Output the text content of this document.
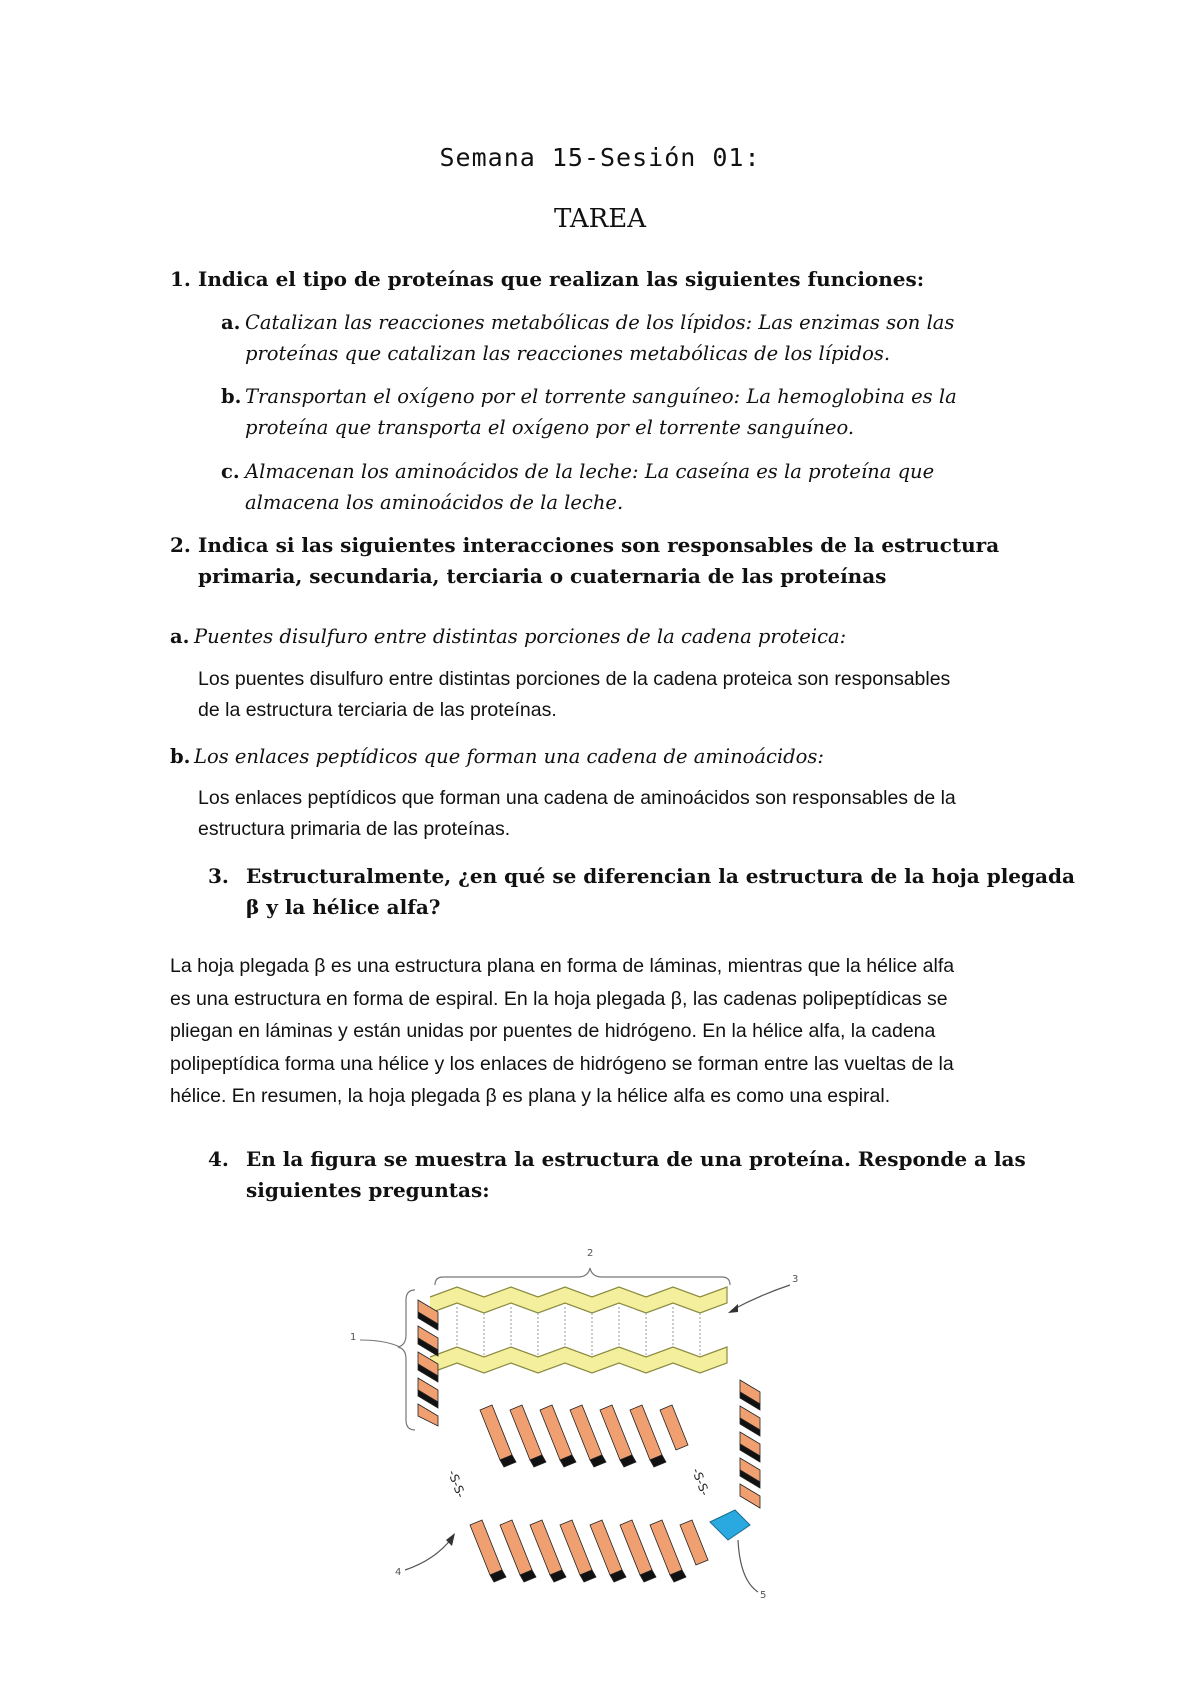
Semana 15-Sesión 01:
TAREA
1. Indica el tipo de proteínas que realizan las siguientes funciones:
a. Catalizan las reacciones metabólicas de los lípidos: Las enzimas son las
proteínas que catalizan las reacciones metabólicas de los lípidos.
b. Transportan el oxígeno por el torrente sanguíneo: La hemoglobina es la
proteína que transporta el oxígeno por el torrente sanguíneo.
c. Almacenan los aminoácidos de la leche: La caseína es la proteína que
almacena los aminoácidos de la leche.
2. Indica si las siguientes interacciones son responsables de la estructura
primaria, secundaria, terciaria o cuaternaria de las proteínas
a. Puentes disulfuro entre distintas porciones de la cadena proteica:
Los puentes disulfuro entre distintas porciones de la cadena proteica son responsables
de la estructura terciaria de las proteínas.
b. Los enlaces peptídicos que forman una cadena de aminoácidos:
Los enlaces peptídicos que forman una cadena de aminoácidos son responsables de la
estructura primaria de las proteínas.
3. Estructuralmente, ¿en qué se diferencian la estructura de la hoja plegada
β y la hélice alfa?
La hoja plegada β es una estructura plana en forma de láminas, mientras que la hélice alfa
es una estructura en forma de espiral. En la hoja plegada β, las cadenas polipeptídicas se
pliegan en láminas y están unidas por puentes de hidrógeno. En la hélice alfa, la cadena
polipeptídica forma una hélice y los enlaces de hidrógeno se forman entre las vueltas de la
hélice. En resumen, la hoja plegada β es plana y la hélice alfa es como una espiral.
4. En la figura se muestra la estructura de una proteína. Responde a las
siguientes preguntas:
2
1
3
-S-S-	-S-S-
4
5
